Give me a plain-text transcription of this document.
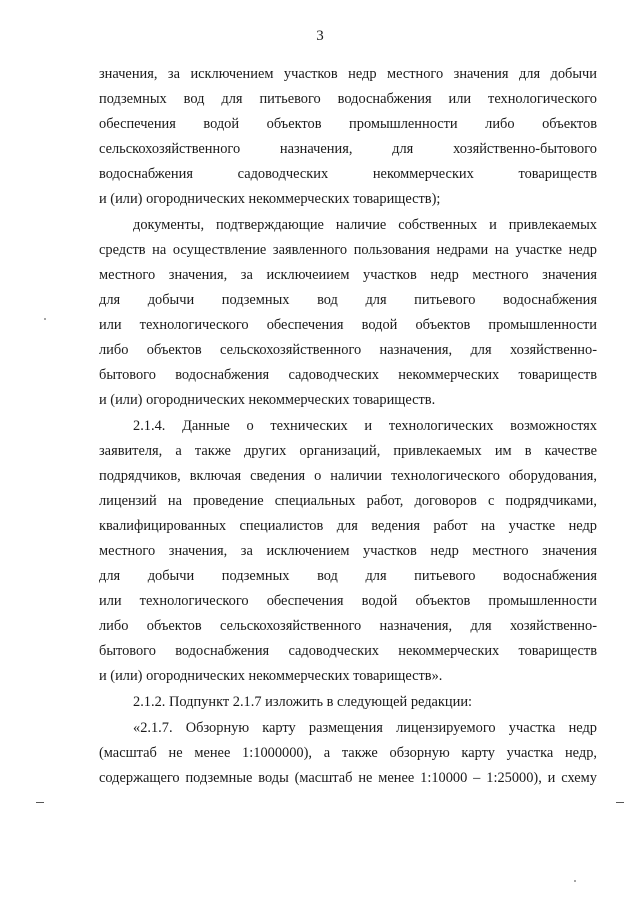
3
значения, за исключением участков недр местного значения для добычи
подземных вод для питьевого водоснабжения или технологического
обеспечения водой объектов промышленности либо объектов
сельскохозяйственного назначения, для хозяйственно-бытового
водоснабжения садоводческих некоммерческих товариществ
и (или) огороднических некоммерческих товариществ);
документы, подтверждающие наличие собственных и привлекаемых
средств на осуществление заявленного пользования недрами на участке недр
местного значения, за исключеиием участков недр местного значения
для добычи подземных вод для питьевого водоснабжения
или технологического обеспечения водой объектов промышленности
либо объектов сельскохозяйственного назначения, для хозяйственно-
бытового водоснабжения садоводческих некоммерческих товариществ
и (или) огороднических некоммерческих товариществ.
2.1.4. Данные о технических и технологических возможностях
заявителя, а также других организаций, привлекаемых им в качестве
подрядчиков, включая сведения о наличии технологического оборудования,
лицензий на проведение специальных работ, договоров с подрядчиками,
квалифицированных специалистов для ведения работ на участке недр
местного значения, за исключением участков недр местного значения
для добычи подземных вод для питьевого водоснабжения
или технологического обеспечения водой объектов промышленности
либо объектов сельскохозяйственного назначения, для хозяйственно-
бытового водоснабжения садоводческих некоммерческих товариществ
и (или) огороднических некоммерческих товариществ».
2.1.2. Подпункт 2.1.7 изложить в следующей редакции:
«2.1.7. Обзорную карту размещения лицензируемого участка недр
(масштаб не менее 1:1000000), а также обзорную карту участка недр,
содержащего подземные воды (масштаб не менее 1:10000 – 1:25000), и схему
